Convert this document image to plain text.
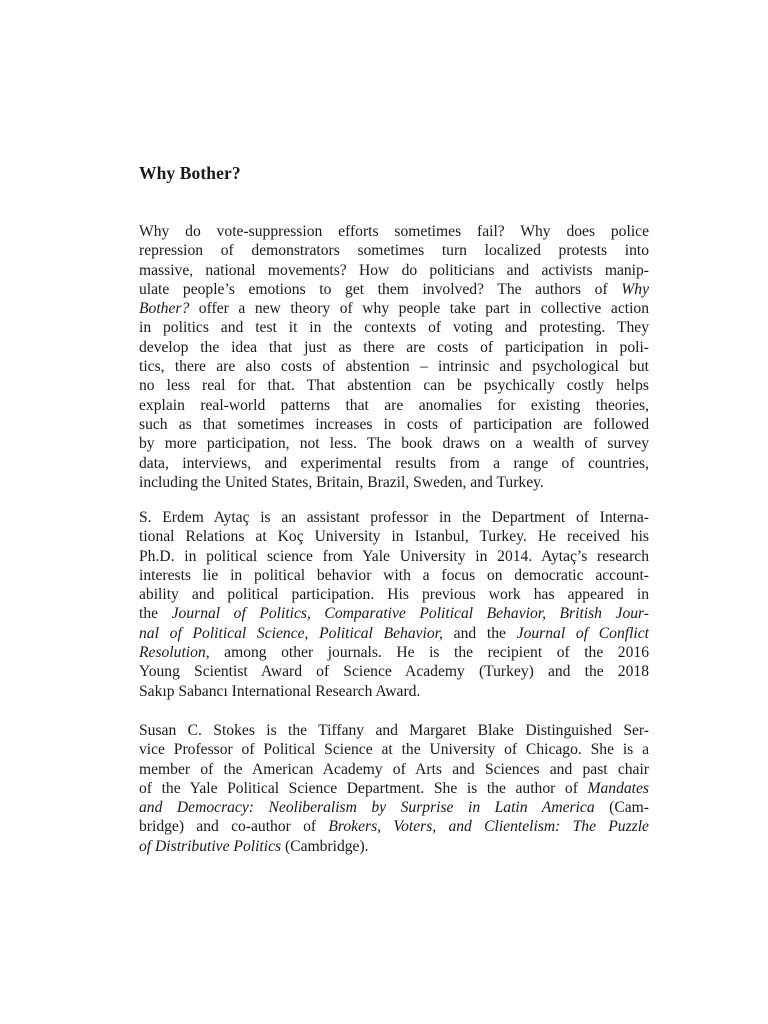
Why Bother?
Why do vote-suppression efforts sometimes fail? Why does police
repression of demonstrators sometimes turn localized protests into
massive, national movements? How do politicians and activists manip-
ulate people’s emotions to get them involved? The authors of Why
Bother? offer a new theory of why people take part in collective action
in politics and test it in the contexts of voting and protesting. They
develop the idea that just as there are costs of participation in poli-
tics, there are also costs of abstention – intrinsic and psychological but
no less real for that. That abstention can be psychically costly helps
explain real-world patterns that are anomalies for existing theories,
such as that sometimes increases in costs of participation are followed
by more participation, not less. The book draws on a wealth of survey
data, interviews, and experimental results from a range of countries,
including the United States, Britain, Brazil, Sweden, and Turkey.
S. Erdem Aytaç is an assistant professor in the Department of Interna-
tional Relations at Koç University in Istanbul, Turkey. He received his
Ph.D. in political science from Yale University in 2014. Aytaç’s research
interests lie in political behavior with a focus on democratic account-
ability and political participation. His previous work has appeared in
the Journal of Politics, Comparative Political Behavior, British Jour-
nal of Political Science, Political Behavior, and the Journal of Conflict
Resolution, among other journals. He is the recipient of the 2016
Young Scientist Award of Science Academy (Turkey) and the 2018
Sakıp Sabancı International Research Award.
Susan C. Stokes is the Tiffany and Margaret Blake Distinguished Ser-
vice Professor of Political Science at the University of Chicago. She is a
member of the American Academy of Arts and Sciences and past chair
of the Yale Political Science Department. She is the author of Mandates
and Democracy: Neoliberalism by Surprise in Latin America (Cam-
bridge) and co-author of Brokers, Voters, and Clientelism: The Puzzle
of Distributive Politics (Cambridge).
